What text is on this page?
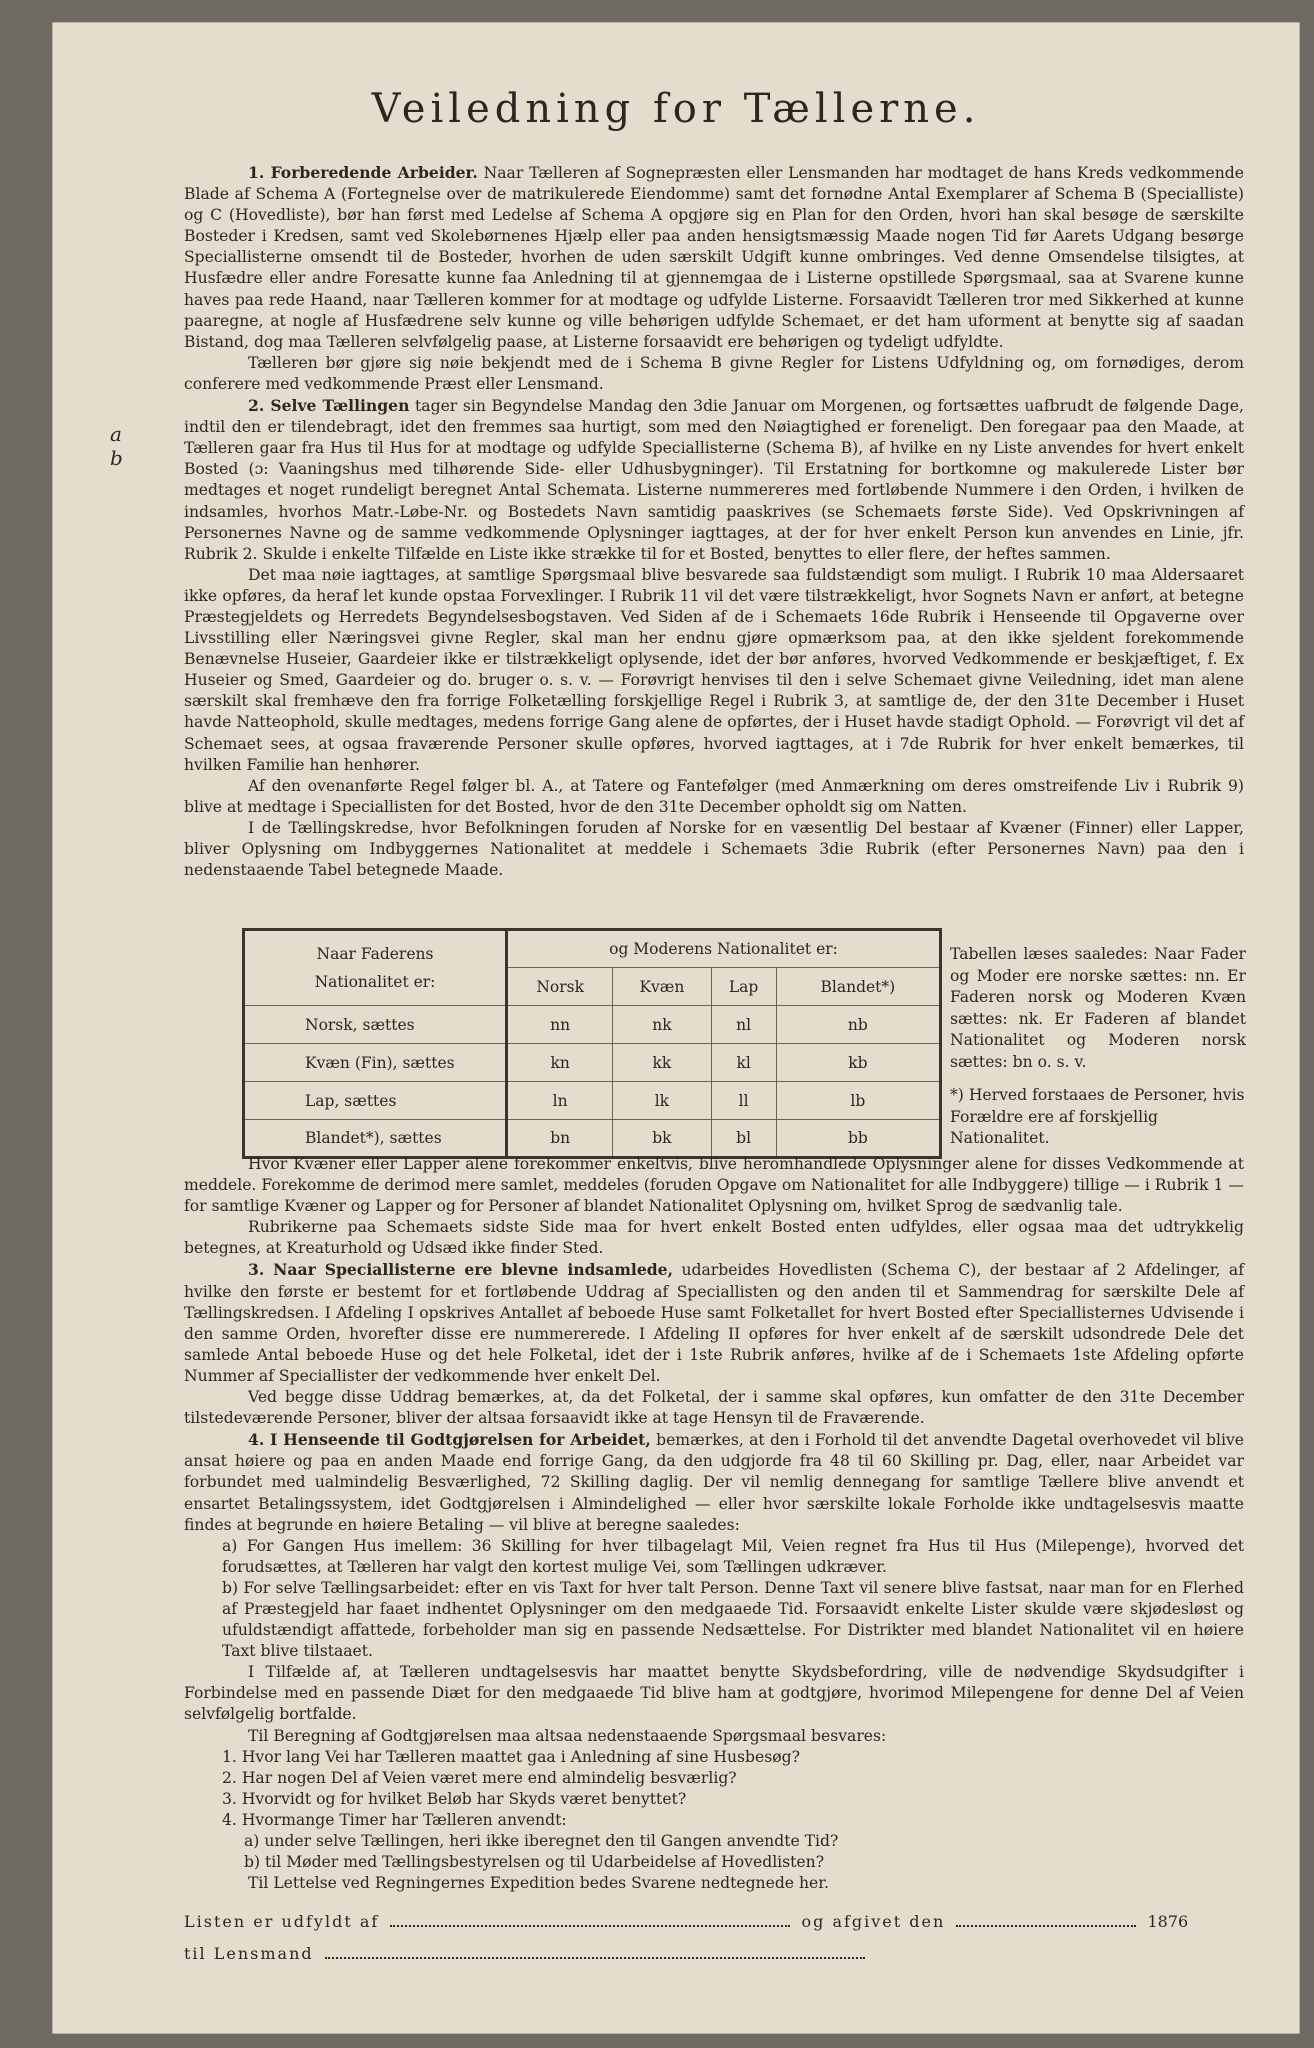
Veiledning for Tællerne.
a
b

1. Forberedende Arbeider. Naar Tælleren af Sognepræsten eller Lensmanden har modtaget de hans Kreds vedkommende Blade af Schema A (Fortegnelse over de matrikulerede Eiendomme) samt det fornødne Antal Exemplarer af Schema B (Specialliste) og C (Hovedliste), bør han først med Ledelse af Schema A opgjøre sig en Plan for den Orden, hvori han skal besøge de særskilte Bosteder i Kredsen, samt ved Skolebørnenes Hjælp eller paa anden hensigtsmæssig Maade nogen Tid før Aarets Udgang besørge Speciallisterne omsendt til de Bosteder, hvorhen de uden særskilt Udgift kunne ombringes. Ved denne Omsendelse tilsigtes, at Husfædre eller andre Foresatte kunne faa Anledning til at gjennemgaa de i Listerne opstillede Spørgsmaal, saa at Svarene kunne haves paa rede Haand, naar Tælleren kommer for at modtage og udfylde Listerne. Forsaavidt Tælleren tror med Sikkerhed at kunne paaregne, at nogle af Husfædrene selv kunne og ville behørigen udfylde Schemaet, er det ham uforment at benytte sig af saadan Bistand, dog maa Tælleren selvfølgelig paase, at Listerne forsaavidt ere behørigen og tydeligt udfyldte.

Tælleren bør gjøre sig nøie bekjendt med de i Schema B givne Regler for Listens Udfyldning og, om fornødiges, derom conferere med vedkommende Præst eller Lensmand.

2. Selve Tællingen tager sin Begyndelse Mandag den 3die Januar om Morgenen, og fortsættes uafbrudt de følgende Dage, indtil den er tilendebragt, idet den fremmes saa hurtigt, som med den Nøiagtighed er foreneligt. Den foregaar paa den Maade, at Tælleren gaar fra Hus til Hus for at modtage og udfylde Speciallisterne (Schema B), af hvilke en ny Liste anvendes for hvert enkelt Bosted (ɔ: Vaaningshus med tilhørende Side- eller Udhusbygninger). Til Erstatning for bortkomne og makulerede Lister bør medtages et noget rundeligt beregnet Antal Schemata. Listerne nummereres med fortløbende Nummere i den Orden, i hvilken de indsamles, hvorhos Matr.-Løbe-Nr. og Bostedets Navn samtidig paaskrives (se Schemaets første Side). Ved Opskrivningen af Personernes Navne og de samme vedkommende Oplysninger iagttages, at der for hver enkelt Person kun anvendes en Linie, jfr. Rubrik 2. Skulde i enkelte Tilfælde en Liste ikke strække til for et Bosted, benyttes to eller flere, der heftes sammen.

Det maa nøie iagttages, at samtlige Spørgsmaal blive besvarede saa fuldstændigt som muligt. I Rubrik 10 maa Aldersaaret ikke opføres, da heraf let kunde opstaa Forvexlinger. I Rubrik 11 vil det være tilstrækkeligt, hvor Sognets Navn er anført, at betegne Præstegjeldets og Herredets Begyndelsesbogstaven. Ved Siden af de i Schemaets 16de Rubrik i Henseende til Opgaverne over Livsstilling eller Næringsvei givne Regler, skal man her endnu gjøre opmærksom paa, at den ikke sjeldent forekommende Benævnelse Huseier, Gaardeier ikke er tilstrækkeligt oplysende, idet der bør anføres, hvorved Vedkommende er beskjæftiget, f. Ex Huseier og Smed, Gaardeier og do. bruger o. s. v. — Forøvrigt henvises til den i selve Schemaet givne Veiledning, idet man alene særskilt skal fremhæve den fra forrige Folketælling forskjellige Regel i Rubrik 3, at samtlige de, der den 31te December i Huset havde Natteophold, skulle medtages, medens forrige Gang alene de opførtes, der i Huset havde stadigt Ophold. — Forøvrigt vil det af Schemaet sees, at ogsaa fraværende Personer skulle opføres, hvorved iagttages, at i 7de Rubrik for hver enkelt bemærkes, til hvilken Familie han henhører.

Af den ovenanførte Regel følger bl. A., at Tatere og Fantefølger (med Anmærkning om deres omstreifende Liv i Rubrik 9) blive at medtage i Speciallisten for det Bosted, hvor de den 31te December opholdt sig om Natten.

I de Tællingskredse, hvor Befolkningen foruden af Norske for en væsentlig Del bestaar af Kvæner (Finner) eller Lapper, bliver Oplysning om Indbyggernes Nationalitet at meddele i Schemaets 3die Rubrik (efter Personernes Navn) paa den i nedenstaaende Tabel betegnede Maade.

Naar Faderens
Nationalitet er:	og Moderens Nationalitet er:			
	Norsk	Kvæn	Lap	Blandet*)
Norsk, sættes	nn	nk	nl	nb
Kvæn (Fin), sættes	kn	kk	kl	kb
Lap, sættes	ln	lk	ll	lb
Blandet*), sættes	bn	bk	bl	bb
Tabellen læses saaledes: Naar Fader og Moder ere norske sættes: nn. Er Faderen norsk og Moderen Kvæn sættes: nk. Er Faderen af blandet Nationalitet og Moderen norsk sættes: bn o. s. v.
*) Herved forstaaes de Personer, hvis Forældre ere af forskjellig Nationalitet.

Hvor Kvæner eller Lapper alene forekommer enkeltvis, blive heromhandlede Oplysninger alene for disses Vedkommende at meddele. Forekomme de derimod mere samlet, meddeles (foruden Opgave om Nationalitet for alle Indbyggere) tillige — i Rubrik 1 — for samtlige Kvæner og Lapper og for Personer af blandet Nationalitet Oplysning om, hvilket Sprog de sædvanlig tale.

Rubrikerne paa Schemaets sidste Side maa for hvert enkelt Bosted enten udfyldes, eller ogsaa maa det udtrykkelig betegnes, at Kreaturhold og Udsæd ikke finder Sted.

3. Naar Speciallisterne ere blevne indsamlede, udarbeides Hovedlisten (Schema C), der bestaar af 2 Afdelinger, af hvilke den første er bestemt for et fortløbende Uddrag af Speciallisten og den anden til et Sammendrag for særskilte Dele af Tællingskredsen. I Afdeling I opskrives Antallet af beboede Huse samt Folketallet for hvert Bosted efter Speciallisternes Udvisende i den samme Orden, hvorefter disse ere nummererede. I Afdeling II opføres for hver enkelt af de særskilt udsondrede Dele det samlede Antal beboede Huse og det hele Folketal, idet der i 1ste Rubrik anføres, hvilke af de i Schemaets 1ste Afdeling opførte Nummer af Speciallister der vedkommende hver enkelt Del.

Ved begge disse Uddrag bemærkes, at, da det Folketal, der i samme skal opføres, kun omfatter de den 31te December tilstedeværende Personer, bliver der altsaa forsaavidt ikke at tage Hensyn til de Fraværende.

4. I Henseende til Godtgjørelsen for Arbeidet, bemærkes, at den i Forhold til det anvendte Dagetal overhovedet vil blive ansat høiere og paa en anden Maade end forrige Gang, da den udgjorde fra 48 til 60 Skilling pr. Dag, eller, naar Arbeidet var forbundet med ualmindelig Besværlighed, 72 Skilling daglig. Der vil nemlig dennegang for samtlige Tællere blive anvendt et ensartet Betalingssystem, idet Godtgjørelsen i Almindelighed — eller hvor særskilte lokale Forholde ikke undtagelsesvis maatte findes at begrunde en høiere Betaling — vil blive at beregne saaledes:

a) For Gangen Hus imellem: 36 Skilling for hver tilbagelagt Mil, Veien regnet fra Hus til Hus (Milepenge), hvorved det forudsættes, at Tælleren har valgt den kortest mulige Vei, som Tællingen udkræver.

b) For selve Tællingsarbeidet: efter en vis Taxt for hver talt Person. Denne Taxt vil senere blive fastsat, naar man for en Flerhed af Præstegjeld har faaet indhentet Oplysninger om den medgaaede Tid. Forsaavidt enkelte Lister skulde være skjødesløst og ufuldstændigt affattede, forbeholder man sig en passende Nedsættelse. For Distrikter med blandet Nationalitet vil en høiere Taxt blive tilstaaet.

I Tilfælde af, at Tælleren undtagelsesvis har maattet benytte Skydsbefordring, ville de nødvendige Skydsudgifter i Forbindelse med en passende Diæt for den medgaaede Tid blive ham at godtgjøre, hvorimod Milepengene for denne Del af Veien selvfølgelig bortfalde.

Til Beregning af Godtgjørelsen maa altsaa nedenstaaende Spørgsmaal besvares:

1. Hvor lang Vei har Tælleren maattet gaa i Anledning af sine Husbesøg?

2. Har nogen Del af Veien været mere end almindelig besværlig?

3. Hvorvidt og for hvilket Beløb har Skyds været benyttet?

4. Hvormange Timer har Tælleren anvendt:

a) under selve Tællingen, heri ikke iberegnet den til Gangen anvendte Tid?

b) til Møder med Tællingsbestyrelsen og til Udarbeidelse af Hovedlisten?

Til Lettelse ved Regningernes Expedition bedes Svarene nedtegnede her.

Listen er udfyldt af	og afgivet den	1876
til Lensmand
